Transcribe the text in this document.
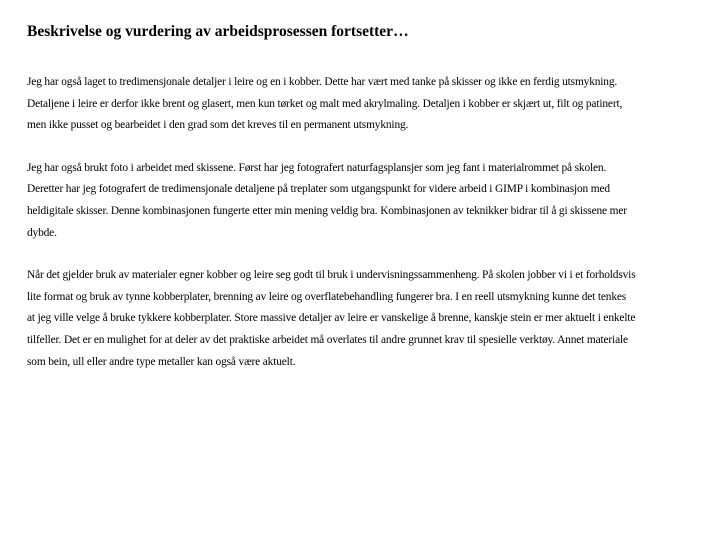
Beskrivelse og vurdering av arbeidsprosessen fortsetter…
Jeg har også laget to tredimensjonale detaljer i leire og en i kobber. Dette har vært med tanke på skisser og ikke en ferdig utsmykning.
Detaljene i leire er derfor ikke brent og glasert, men kun tørket og malt med akrylmaling. Detaljen i kobber er skjært ut, filt og patinert,
men ikke pusset og bearbeidet i den grad som det kreves til en permanent utsmykning.
Jeg har også brukt foto i arbeidet med skissene. Først har jeg fotografert naturfagsplansjer som jeg fant i materialrommet på skolen.
Deretter har jeg fotografert de tredimensjonale detaljene på treplater som utgangspunkt for videre arbeid i GIMP i kombinasjon med
heldigitale skisser. Denne kombinasjonen fungerte etter min mening veldig bra. Kombinasjonen av teknikker bidrar til å gi skissene mer
dybde.
Når det gjelder bruk av materialer egner kobber og leire seg godt til bruk i undervisningssammenheng. På skolen jobber vi i et forholdsvis
lite format og bruk av tynne kobberplater, brenning av leire og overflatebehandling fungerer bra. I en reell utsmykning kunne det tenkes
at jeg ville velge å bruke tykkere kobberplater. Store massive detaljer av leire er vanskelige å brenne, kanskje stein er mer aktuelt i enkelte
tilfeller. Det er en mulighet for at deler av det praktiske arbeidet må overlates til andre grunnet krav til spesielle verktøy. Annet materiale
som bein, ull eller andre type metaller kan også være aktuelt.
